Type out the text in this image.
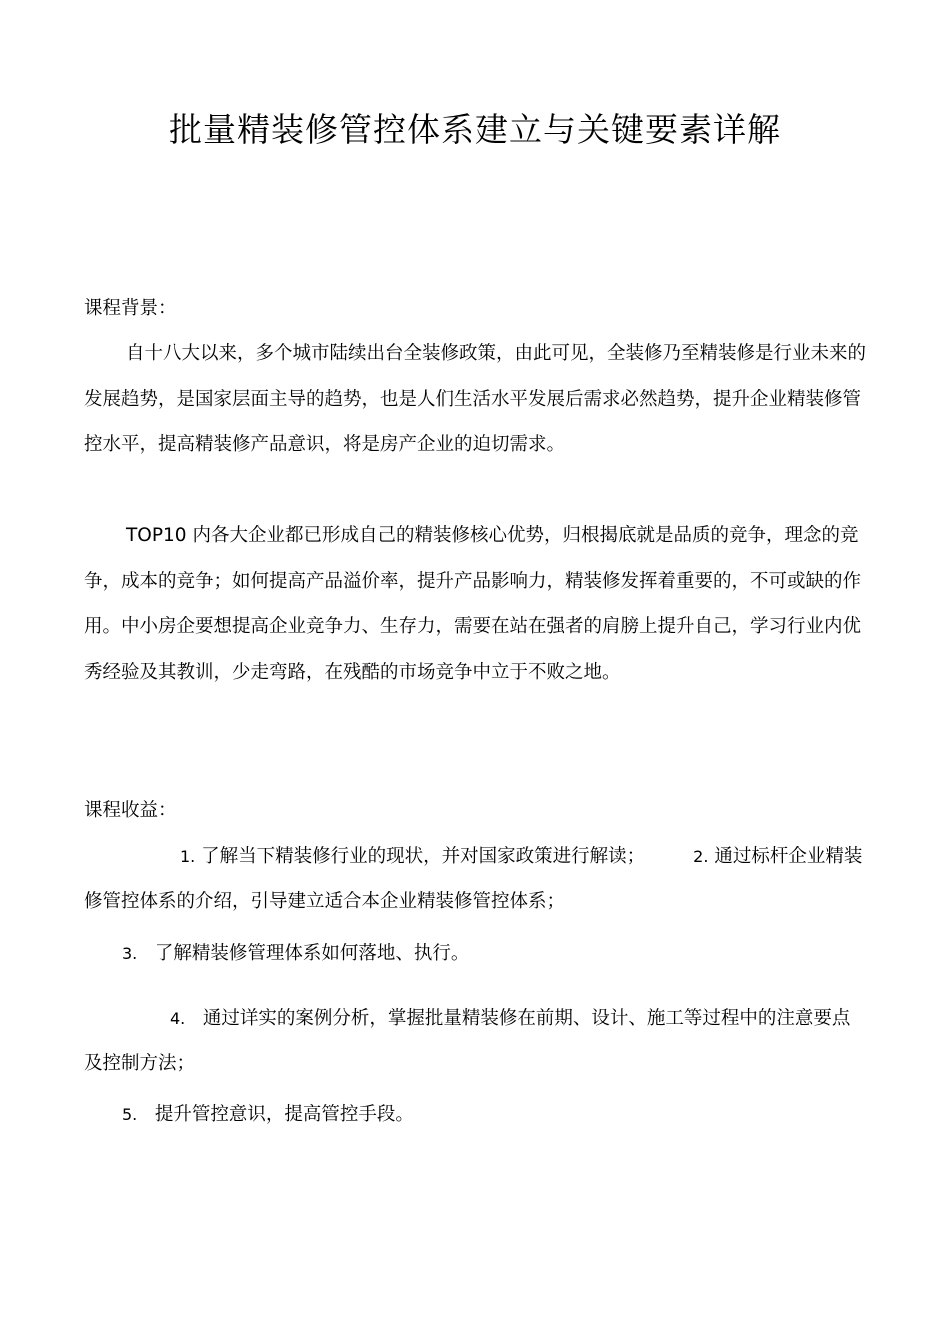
批量精装修管控体系建立与关键要素详解
课程背景：
自十八大以来，多个城市陆续出台全装修政策，由此可见，全装修乃至精装修是行业未来的发展趋势，是国家层面主导的趋势，也是人们生活水平发展后需求必然趋势，提升企业精装修管控水平，提高精装修产品意识，将是房产企业的迫切需求。
TOP10 内各大企业都已形成自己的精装修核心优势，归根揭底就是品质的竞争，理念的竞争，成本的竞争；如何提高产品溢价率，提升产品影响力，精装修发挥着重要的，不可或缺的作用。中小房企要想提高企业竞争力、生存力，需要在站在强者的肩膀上提升自己，学习行业内优秀经验及其教训，少走弯路，在残酷的市场竞争中立于不败之地。
课程收益：
1. 了解当下精装修行业的现状，并对国家政策进行解读；	2. 通过标杆企业精装修管控体系的介绍，引导建立适合本企业精装修管控体系；
3. 了解精装修管理体系如何落地、执行。
4. 通过详实的案例分析，掌握批量精装修在前期、设计、施工等过程中的注意要点及控制方法；
5. 提升管控意识，提高管控手段。
